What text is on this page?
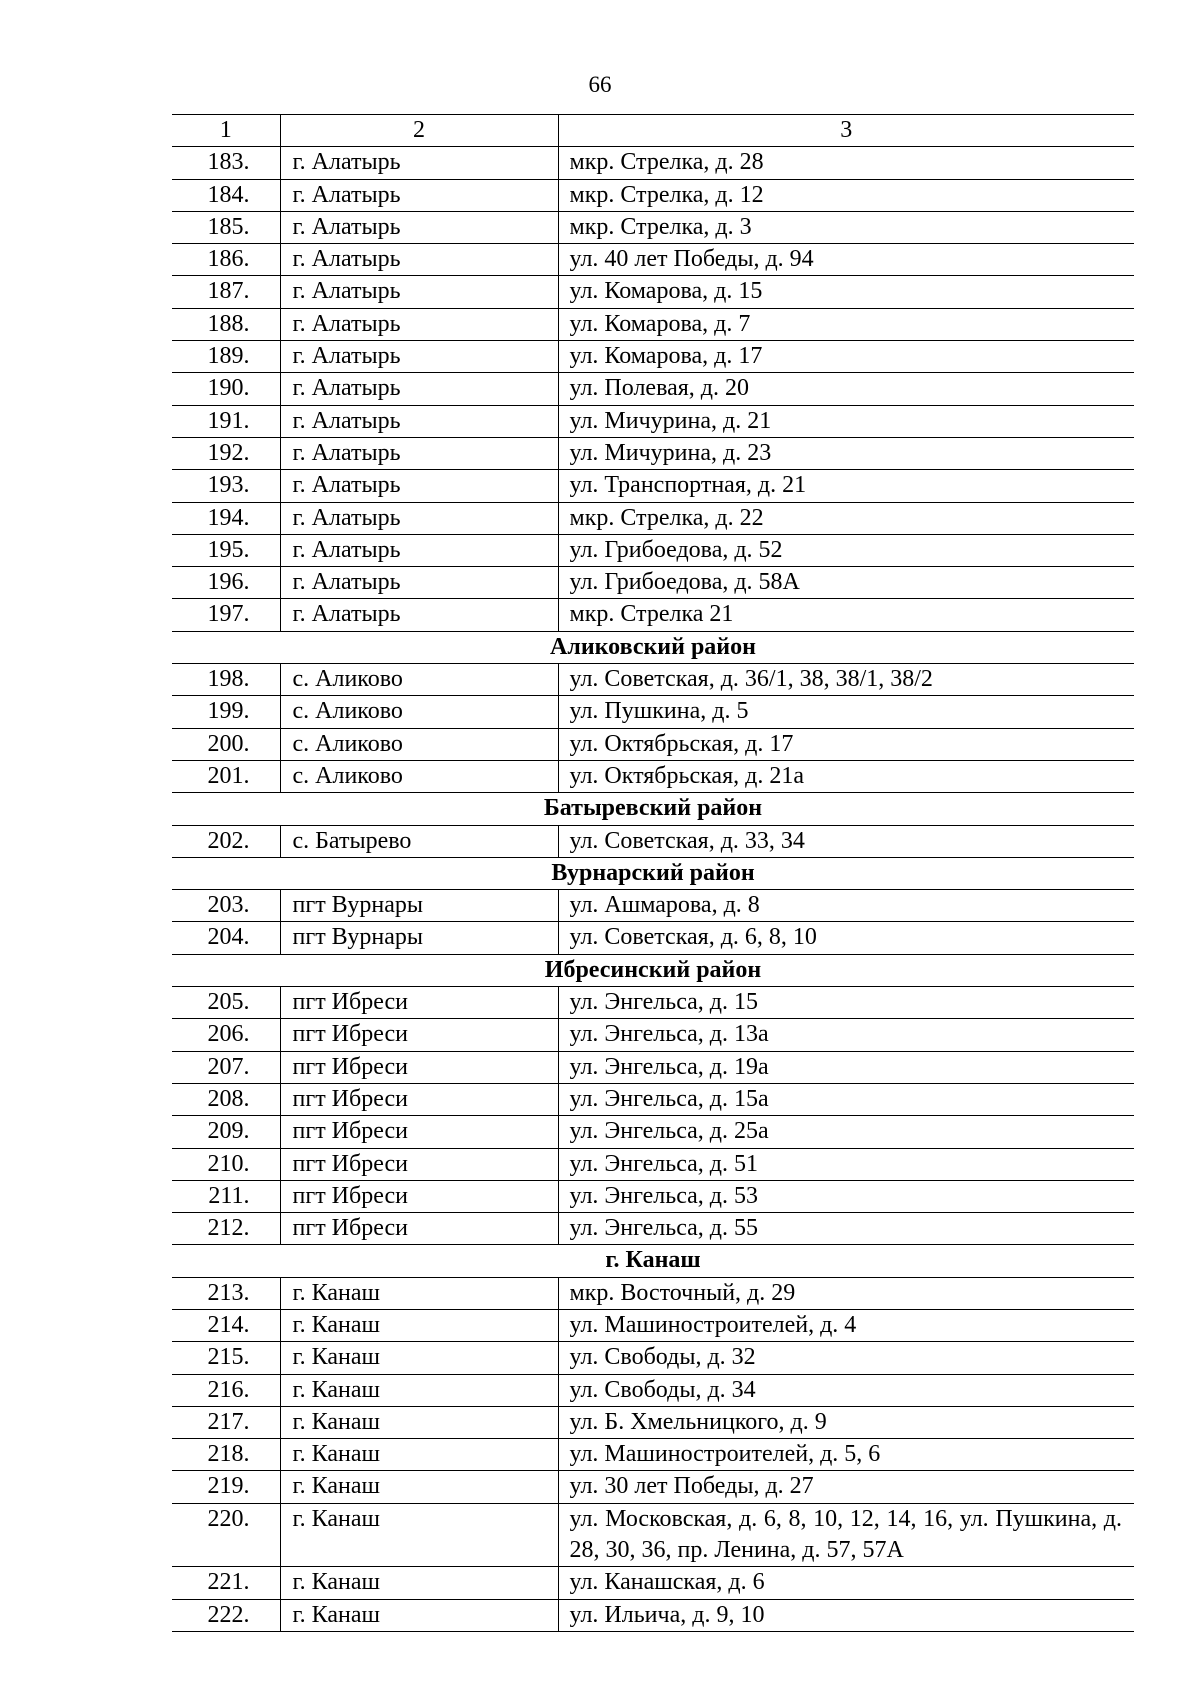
66
1	2	3
183.	г. Алатырь	мкр. Стрелка, д. 28
184.	г. Алатырь	мкр. Стрелка, д. 12
185.	г. Алатырь	мкр. Стрелка, д. 3
186.	г. Алатырь	ул. 40 лет Победы, д. 94
187.	г. Алатырь	ул. Комарова, д. 15
188.	г. Алатырь	ул. Комарова, д. 7
189.	г. Алатырь	ул. Комарова, д. 17
190.	г. Алатырь	ул. Полевая, д. 20
191.	г. Алатырь	ул. Мичурина, д. 21
192.	г. Алатырь	ул. Мичурина, д. 23
193.	г. Алатырь	ул. Транспортная, д. 21
194.	г. Алатырь	мкр. Стрелка, д. 22
195.	г. Алатырь	ул. Грибоедова, д. 52
196.	г. Алатырь	ул. Грибоедова, д. 58А
197.	г. Алатырь	мкр. Стрелка 21
Аликовский район		
198.	с. Аликово	ул. Советская, д. 36/1, 38, 38/1, 38/2
199.	с. Аликово	ул. Пушкина, д. 5
200.	с. Аликово	ул. Октябрьская, д. 17
201.	с. Аликово	ул. Октябрьская, д. 21а
Батыревский район		
202.	с. Батырево	ул. Советская, д. 33, 34
Вурнарский район		
203.	пгт Вурнары	ул. Ашмарова, д. 8
204.	пгт Вурнары	ул. Советская, д. 6, 8, 10
Ибресинский район		
205.	пгт Ибреси	ул. Энгельса, д. 15
206.	пгт Ибреси	ул. Энгельса, д. 13а
207.	пгт Ибреси	ул. Энгельса, д. 19а
208.	пгт Ибреси	ул. Энгельса, д. 15а
209.	пгт Ибреси	ул. Энгельса, д. 25а
210.	пгт Ибреси	ул. Энгельса, д. 51
211.	пгт Ибреси	ул. Энгельса, д. 53
212.	пгт Ибреси	ул. Энгельса, д. 55
г. Канаш		
213.	г. Канаш	мкр. Восточный, д. 29
214.	г. Канаш	ул. Машиностроителей, д. 4
215.	г. Канаш	ул. Свободы, д. 32
216.	г. Канаш	ул. Свободы, д. 34
217.	г. Канаш	ул. Б. Хмельницкого, д. 9
218.	г. Канаш	ул. Машиностроителей, д. 5, 6
219.	г. Канаш	ул. 30 лет Победы, д. 27
220.	г. Канаш	ул. Московская, д. 6, 8, 10, 12, 14, 16, ул. Пушкина, д. 28, 30, 36, пр. Ленина, д. 57, 57А
221.	г. Канаш	ул. Канашская, д. 6
222.	г. Канаш	ул. Ильича, д. 9, 10
